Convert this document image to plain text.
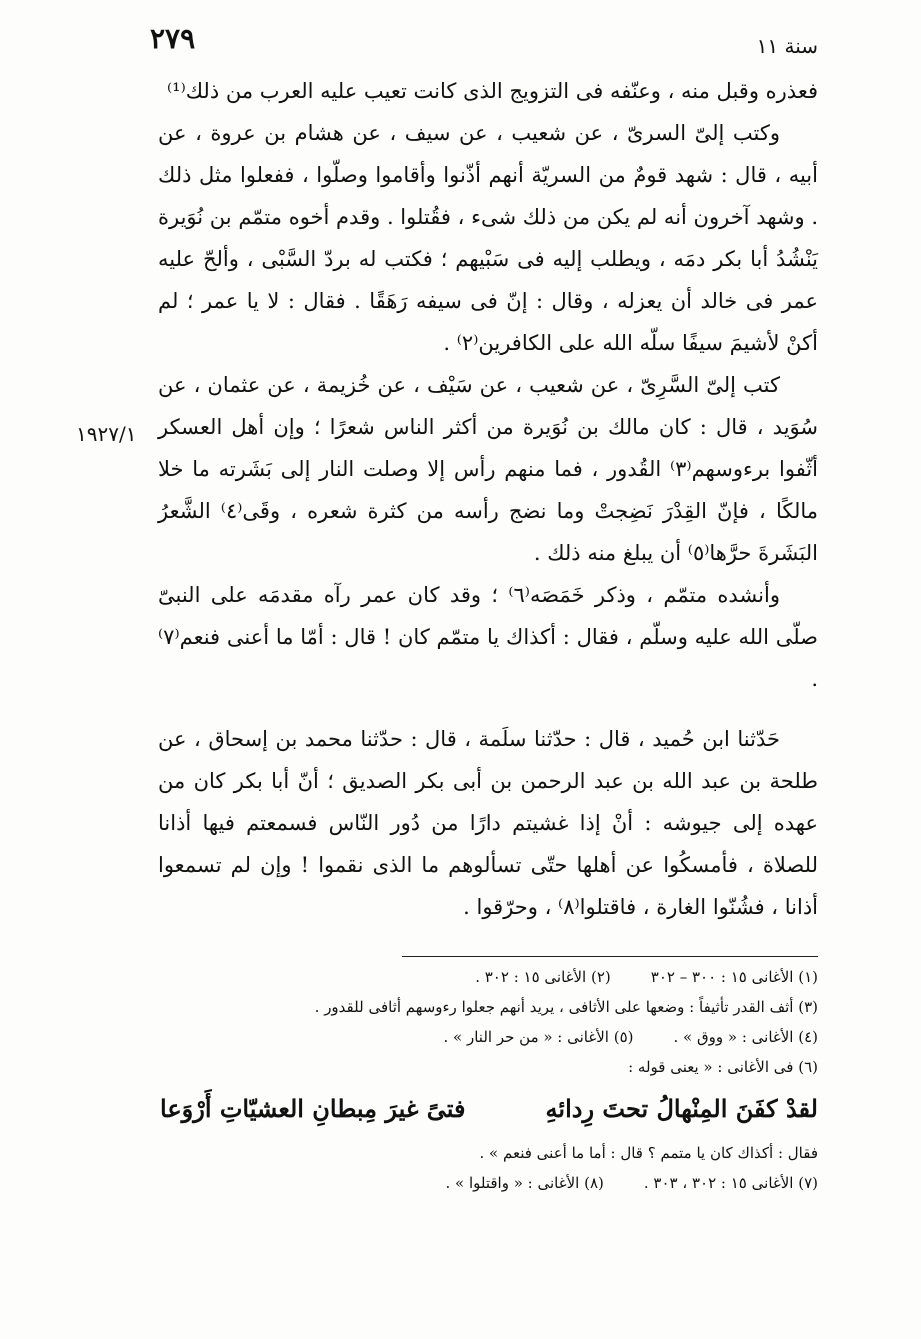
٢٧٩	سنة ١١
١٩٢٧/١

فعذره وقبل منه ، وعنّفه فى التزويج الذى كانت تعيب عليه العرب من ذلك⁽¹⁾

وكتب إلىّ السرىّ ، عن شعيب ، عن سيف ، عن هشام بن عروة ، عن أبيه ، قال : شهد قومٌ من السريّة أنهم أذّنوا وأقاموا وصلّوا ، ففعلوا مثل ذلك . وشهد آخرون أنه لم يكن من ذلك شىء ، فقُتلوا . وقدم أخوه متمّم بن نُوَيرة يَنْشُدُ أبا بكر دمَه ، ويطلب إليه فى سَبْيهم ؛ فكتب له بردّ السَّبْى ، وألحّ عليه عمر فى خالد أن يعزله ، وقال : إنّ فى سيفه رَهَقًا . فقال : لا يا عمر ؛ لم أكنْ لأشيمَ سيفًا سلّه الله على الكافرين⁽٢⁾ .

كتب إلىّ السَّرِىّ ، عن شعيب ، عن سَيْف ، عن خُزيمة ، عن عثمان ، عن سُوَيد ، قال : كان مالك بن نُوَيرة من أكثر الناس شعرًا ؛ وإن أهل العسكر أثّفوا برءوسهم⁽٣⁾ القُدور ، فما منهم رأس إلا وصلت النار إلى بَشَرته ما خلا مالكًا ، فإنّ القِدْرَ نَضِجتْ وما نضج رأسه من كثرة شعره ، وقَى⁽٤⁾ الشَّعرُ البَشَرةَ حرَّها⁽٥⁾ أن يبلغ منه ذلك .

وأنشده متمّم ، وذكر خَمَصَه⁽٦⁾ ؛ وقد كان عمر رآه مقدمَه على النبىّ صلّى الله عليه وسلّم ، فقال : أكذاك يا متمّم كان ! قال : أمّا ما أعنى فنعم⁽٧⁾ .

حَدّثنا ابن حُميد ، قال : حدّثنا سلَمة ، قال : حدّثنا محمد بن إسحاق ، عن طلحة بن عبد الله بن عبد الرحمن بن أبى بكر الصديق ؛ أنّ أبا بكر كان من عهده إلى جيوشه : أنْ إذا غشيتم دارًا من دُور النّاس فسمعتم فيها أذانا للصلاة ، فأمسكُوا عن أهلها حتّى تسألوهم ما الذى نقموا ! وإن لم تسمعوا أذانا ، فشُنّوا الغارة ، فاقتلوا⁽٨⁾ ، وحرّقوا .

(١) الأغانى ١٥ : ٣٠٠ – ٣٠٢
(٢) الأغانى ١٥ : ٣٠٢ .
(٣) أثف القدر تأثيفاً : وضعها على الأثافى ، يريد أنهم جعلوا رءوسهم أثافى للقدور .
(٤) الأغانى : « ووق » .
(٥) الأغانى : « من حر النار » .
(٦) فى الأغانى : « يعنى قوله :
لقدْ كفَنَ المِنْهالُ تحتَ رِدائهِ
فتىً غيرَ مِبطانِ العشيّاتِ أَرْوَعا
فقال : أكذاك كان يا متمم ؟ قال : أما ما أعنى فنعم » .
(٧) الأغانى ١٥ : ٣٠٢ ، ٣٠٣ .
(٨) الأغانى : « واقتلوا » .
